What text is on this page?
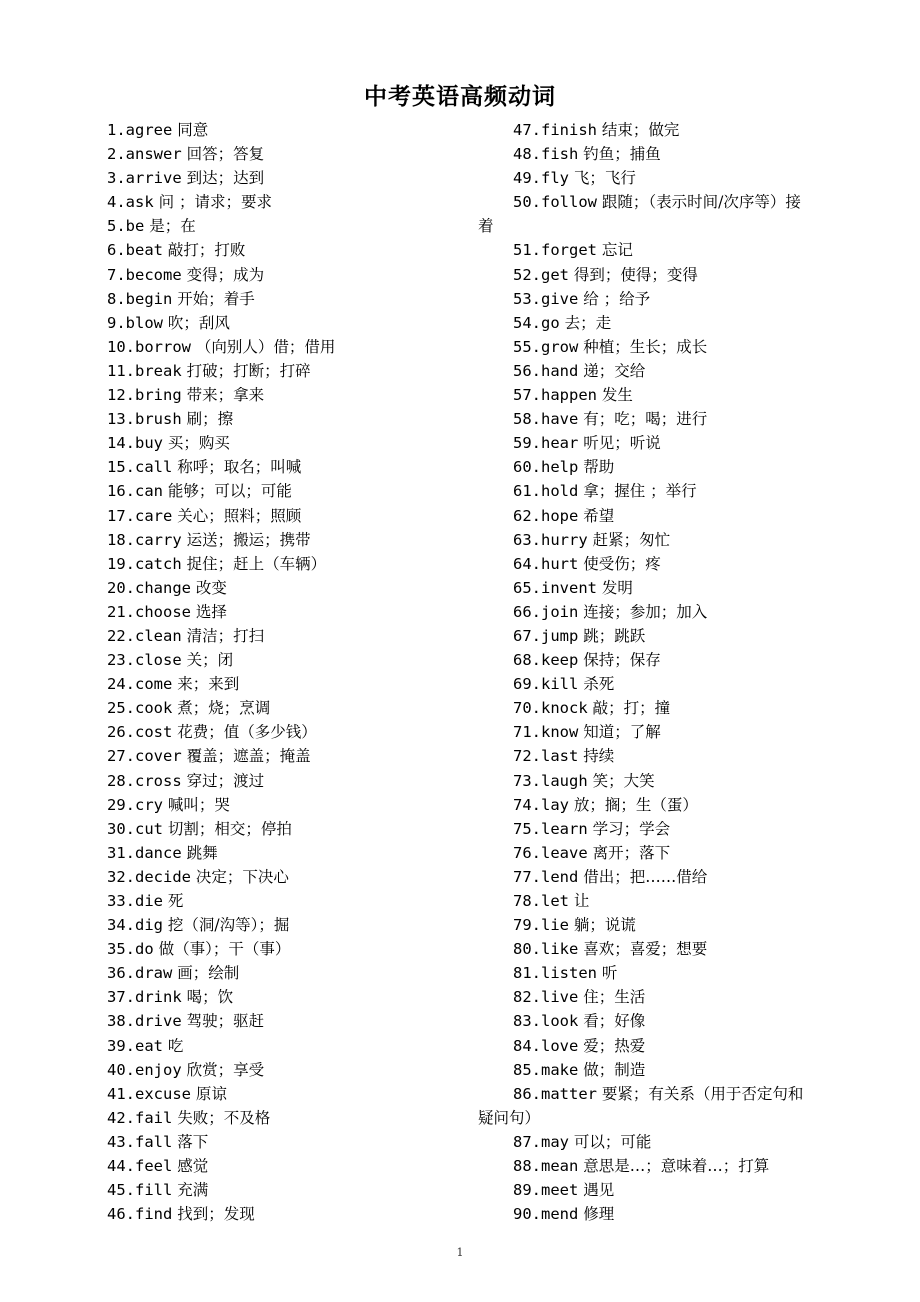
中考英语高频动词
1.agree 同意
2.answer 回答；答复
3.arrive 到达；达到
4.ask 问 ；请求；要求
5.be 是；在
6.beat 敲打；打败
7.become 变得；成为
8.begin 开始；着手
9.blow 吹；刮风
10.borrow （向别人）借；借用
11.break 打破；打断；打碎
12.bring 带来；拿来
13.brush 刷；擦
14.buy 买；购买
15.call 称呼；取名；叫喊
16.can 能够；可以；可能
17.care 关心；照料；照顾
18.carry 运送；搬运；携带
19.catch 捉住；赶上（车辆）
20.change 改变
21.choose 选择
22.clean 清洁；打扫
23.close 关；闭
24.come 来；来到
25.cook 煮；烧；烹调
26.cost 花费；值（多少钱）
27.cover 覆盖；遮盖；掩盖
28.cross 穿过；渡过
29.cry 喊叫；哭
30.cut 切割；相交；停拍
31.dance 跳舞
32.decide 决定；下决心
33.die 死
34.dig 挖（洞/沟等）；掘
35.do 做（事）；干（事）
36.draw 画；绘制
37.drink 喝；饮
38.drive 驾驶；驱赶
39.eat 吃
40.enjoy 欣赏；享受
41.excuse 原谅
42.fail 失败；不及格
43.fall 落下
44.feel 感觉
45.fill 充满
46.find 找到；发现
47.finish 结束；做完
48.fish 钓鱼；捕鱼
49.fly 飞；飞行
50.follow 跟随；（表示时间/次序等）接
着
51.forget 忘记
52.get 得到；使得；变得
53.give 给 ；给予
54.go 去；走
55.grow 种植；生长；成长
56.hand 递；交给
57.happen 发生
58.have 有；吃；喝；进行
59.hear 听见；听说
60.help 帮助
61.hold 拿；握住 ；举行
62.hope 希望
63.hurry 赶紧；匆忙
64.hurt 使受伤；疼
65.invent 发明
66.join 连接；参加；加入
67.jump 跳；跳跃
68.keep 保持；保存
69.kill 杀死
70.knock 敲；打；撞
71.know 知道；了解
72.last 持续
73.laugh 笑；大笑
74.lay 放；搁；生（蛋）
75.learn 学习；学会
76.leave 离开；落下
77.lend 借出；把……借给
78.let 让
79.lie 躺；说谎
80.like 喜欢；喜爱；想要
81.listen 听
82.live 住；生活
83.look 看；好像
84.love 爱；热爱
85.make 做；制造
86.matter 要紧；有关系（用于否定句和
疑问句）
87.may 可以；可能
88.mean 意思是…；意味着…；打算
89.meet 遇见
90.mend 修理
1
